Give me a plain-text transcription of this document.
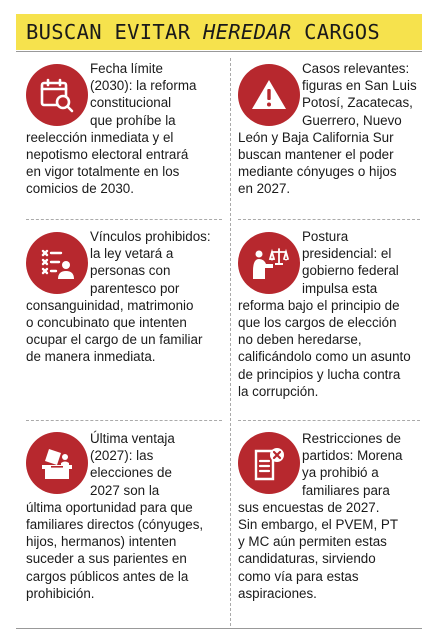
BUSCAN EVITAR HEREDAR CARGOS
Fecha límite
(2030): la reforma
constitucional
que prohíbe la
reelección inmediata y el
nepotismo electoral entrará
en vigor totalmente en los
comicios de 2030.
Casos relevantes:
figuras en San Luis
Potosí, Zacatecas,
Guerrero, Nuevo
León y Baja California Sur
buscan mantener el poder
mediante cónyuges o hijos
en 2027.
Vínculos prohibidos:
la ley vetará a
personas con
parentesco por
consanguinidad, matrimonio
o concubinato que intenten
ocupar el cargo de un familiar
de manera inmediata.
Postura
presidencial: el
gobierno federal
impulsa esta
reforma bajo el principio de
que los cargos de elección
no deben heredarse,
calificándolo como un asunto
de principios y lucha contra
la corrupción.
Última ventaja
(2027): las
elecciones de
2027 son la
última oportunidad para que
familiares directos (cónyuges,
hijos, hermanos) intenten
suceder a sus parientes en
cargos públicos antes de la
prohibición.
Restricciones de
partidos: Morena
ya prohibió a
familiares para
sus encuestas de 2027.
Sin embargo, el PVEM, PT
y MC aún permiten estas
candidaturas, sirviendo
como vía para estas
aspiraciones.
